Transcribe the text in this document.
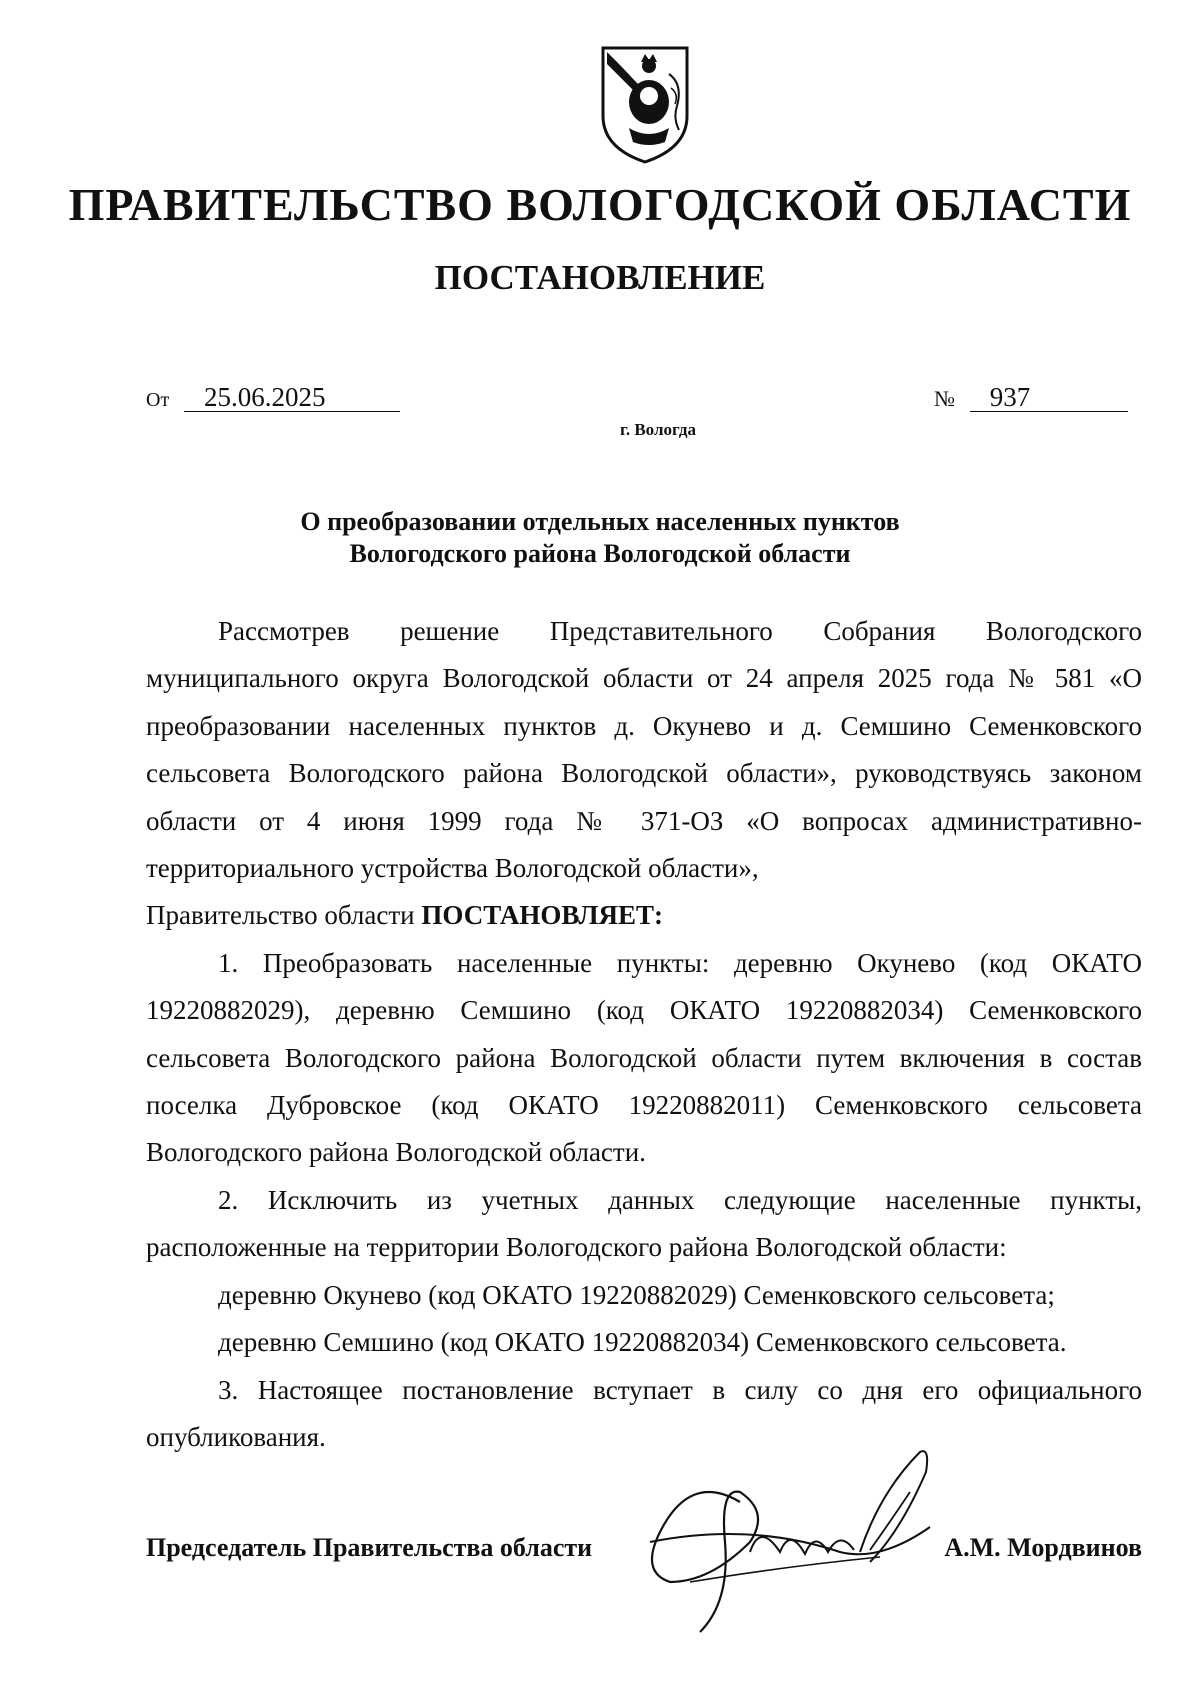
ПРАВИТЕЛЬСТВО ВОЛОГОДСКОЙ ОБЛАСТИ
ПОСТАНОВЛЕНИЕ
От 25.06.2025	№ 937
г. Вологда
О преобразовании отдельных населенных пунктов
Вологодского района Вологодской области

Рассмотрев решение Представительного Собрания Вологодского муниципального округа Вологодской области от 24 апреля 2025 года № 581 «О преобразовании населенных пунктов д. Окунево и д. Семшино Семенковского сельсовета Вологодского района Вологодской области», руководствуясь законом области от 4 июня 1999 года № 371-ОЗ «О вопросах административно-территориального устройства Вологодской области»,

Правительство области ПОСТАНОВЛЯЕТ:

1. Преобразовать населенные пункты: деревню Окунево (код ОКАТО 19220882029), деревню Семшино (код ОКАТО 19220882034) Семенковского сельсовета Вологодского района Вологодской области путем включения в состав поселка Дубровское (код ОКАТО 19220882011) Семенковского сельсовета Вологодского района Вологодской области.

2. Исключить из учетных данных следующие населенные пункты, расположенные на территории Вологодского района Вологодской области:

деревню Окунево (код ОКАТО 19220882029) Семенковского сельсовета;

деревню Семшино (код ОКАТО 19220882034) Семенковского сельсовета.

3. Настоящее постановление вступает в силу со дня его официального опубликования.

Председатель Правительства области	А.М. Мордвинов
